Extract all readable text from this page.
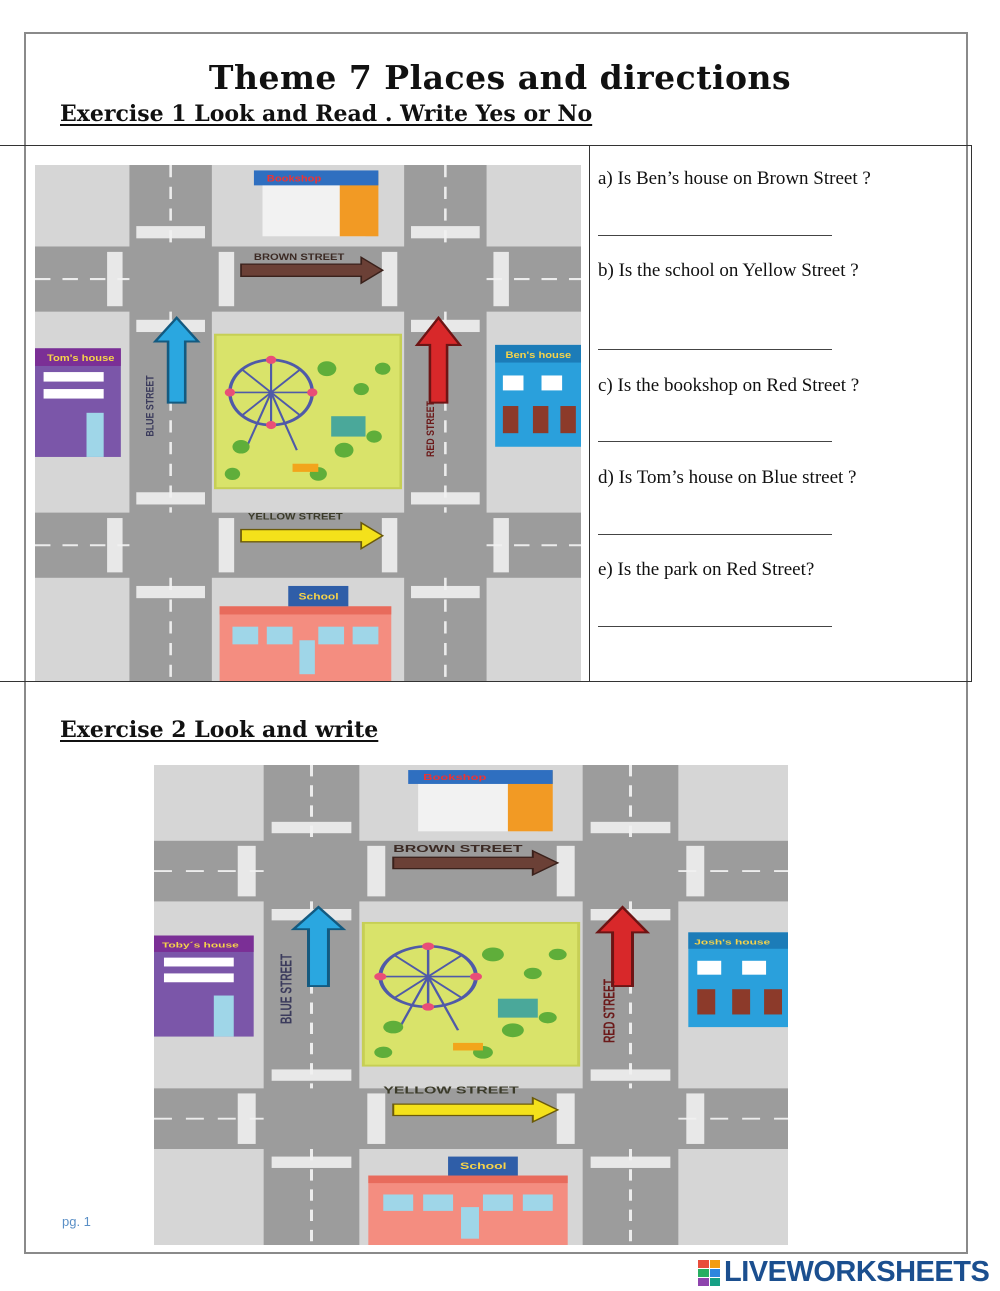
Theme 7 Places and directions
Exercise 1 Look and Read . Write Yes or No
BLUE STREET	RED STREET
BROWN STREET
YELLOW STREET
Bookshop
Tom's house	Ben's house
School
a) Is Ben’s house on Brown Street ?
b) Is the school on Yellow Street ?
c) Is the bookshop on Red Street ?
d) Is Tom’s house on Blue street ?
e) Is the park on Red Street?
Exercise 2 Look and write
BLUE STREET	RED STREET
BROWN STREET
YELLOW STREET
Bookshop
Toby´s house	Josh's house
School
pg. 1
LIVEWORKSHEETS
